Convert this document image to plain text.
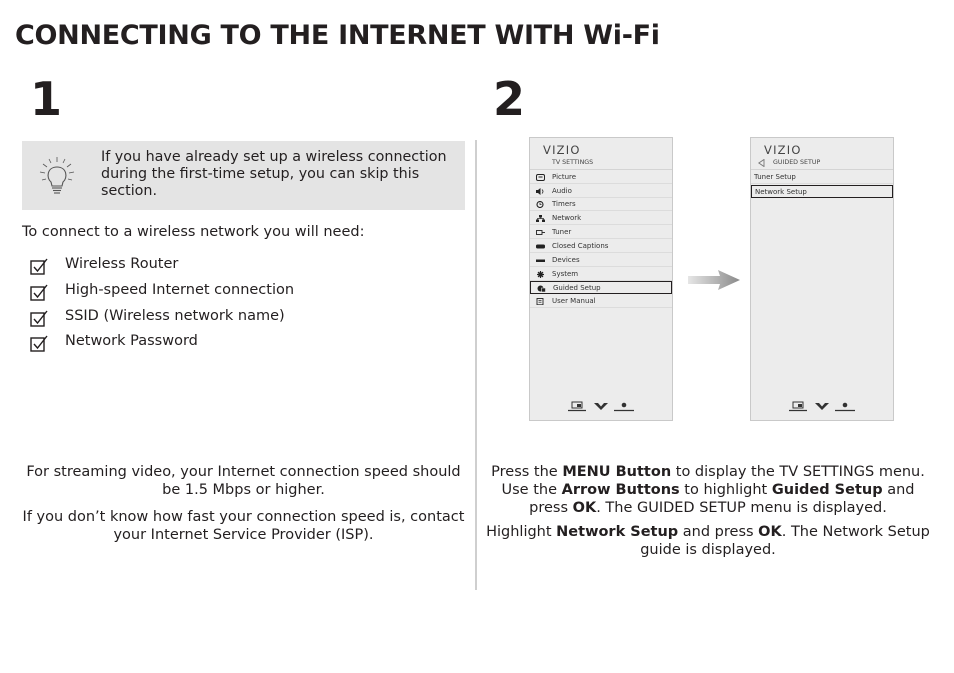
CONNECTING TO THE INTERNET WITH Wi-Fi
1	2
If you have already set up a wireless connection during the first-time setup, you can skip this section.
To connect to a wireless network you will need:
Wireless Router
High-speed Internet connection
SSID (Wireless network name)
Network Password
For streaming video, your Internet connection speed should be 1.5 Mbps or higher.
If you don’t know how fast your connection speed is, contact your Internet Service Provider (ISP).
VIZIO
TV SETTINGS
Picture
Audio
Timers
Network
Tuner
Closed Captions
Devices
System
Guided Setup
User Manual
VIZIO
GUIDED SETUP
Tuner Setup
Network Setup
Press the MENU Button to display the TV SETTINGS menu. Use the Arrow Buttons to highlight Guided Setup and press OK. The GUIDED SETUP menu is displayed.
Highlight Network Setup and press OK. The Network Setup guide is displayed.
